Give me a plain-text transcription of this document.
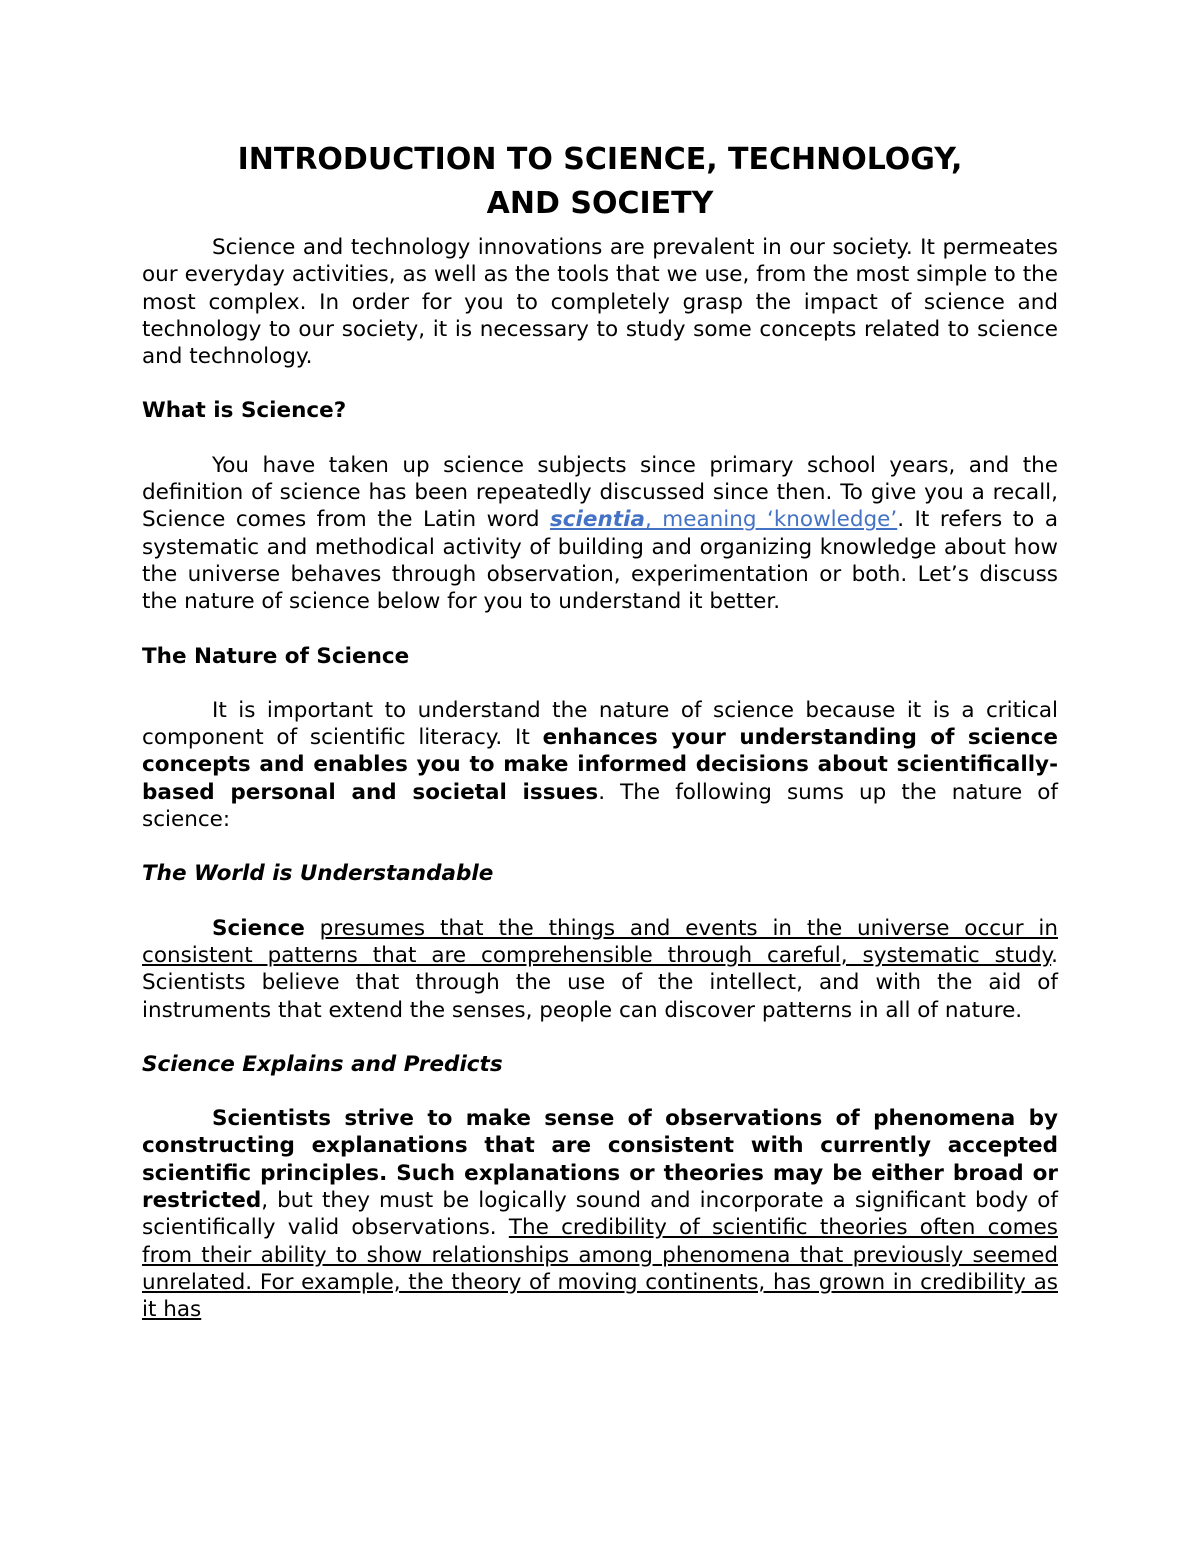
INTRODUCTION TO SCIENCE, TECHNOLOGY,
AND SOCIETY

Science and technology innovations are prevalent in our society. It permeates our everyday activities, as well as the tools that we use, from the most simple to the most complex. In order for you to completely grasp the impact of science and technology to our society, it is necessary to study some concepts related to science and technology.

What is Science?

You have taken up science subjects since primary school years, and the definition of science has been repeatedly discussed since then. To give you a recall, Science comes from the Latin word scientia, meaning ‘knowledge’. It refers to a systematic and methodical activity of building and organizing knowledge about how the universe behaves through observation, experimentation or both. Let’s discuss the nature of science below for you to understand it better.

The Nature of Science

It is important to understand the nature of science because it is a critical component of scientific literacy. It enhances your understanding of science concepts and enables you to make informed decisions about scientifically-based personal and societal issues. The following sums up the nature of science:

The World is Understandable

Science presumes that the things and events in the universe occur in consistent patterns that are comprehensible through careful, systematic study. Scientists believe that through the use of the intellect, and with the aid of instruments that extend the senses, people can discover patterns in all of nature.

Science Explains and Predicts

Scientists strive to make sense of observations of phenomena by constructing explanations that are consistent with currently accepted scientific principles. Such explanations or theories may be either broad or restricted, but they must be logically sound and incorporate a significant body of scientifically valid observations. The credibility of scientific theories often comes from their ability to show relationships among phenomena that previously seemed unrelated. For example, the theory of moving continents, has grown in credibility as it has
